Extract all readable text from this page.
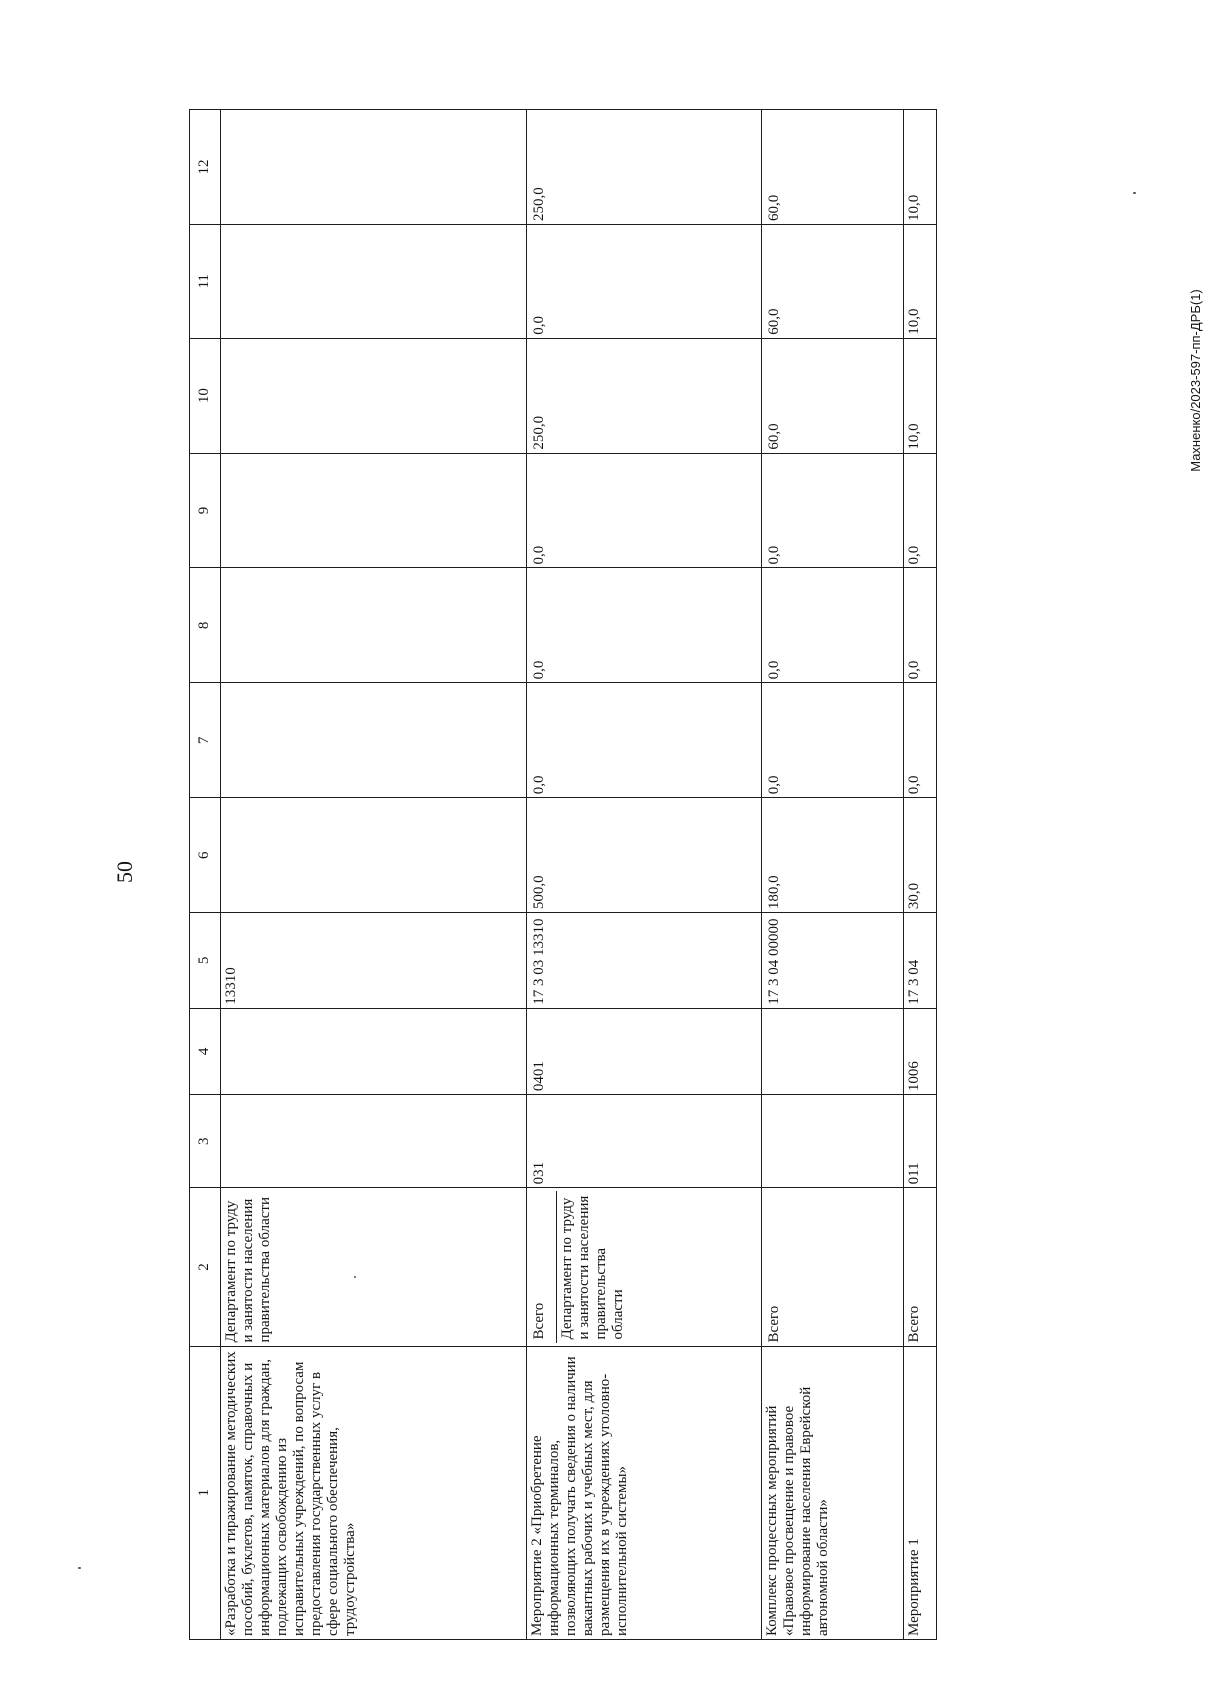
50
Махненко/2023-597-пп-ДРБ(1)
1	2	3	4	5	6	7	8	9	10	11	12
«Разработка и тиражирование методических пособий, буклетов, памяток, справочных и информационных материалов для граждан, подлежащих освобождению из исправительных учреждений, по вопросам предоставления государственных услуг в сфере социального обеспечения, трудоустройства»	Департамент по труду и занятости населения правительства области			13310							
Мероприятие 2 «Приобретение информационных терминалов, позволяющих получать сведения о наличии вакантных рабочих и учебных мест, для размещения их в учреждениях уголовно-исполнительной системы»	Всего Департамент по труду и занятости населения правительства области	031	0401	17 3 03 13310	500,0	0,0	0,0	0,0	250,0	0,0	250,0
Комплекс процессных мероприятий «Правовое просвещение и правовое информирование населения Еврейской автономной области»	Всего			17 3 04 00000	180,0	0,0	0,0	0,0	60,0	60,0	60,0
Мероприятие 1	Всего	011	1006	17 3 04	30,0	0,0	0,0	0,0	10,0	10,0	10,0
